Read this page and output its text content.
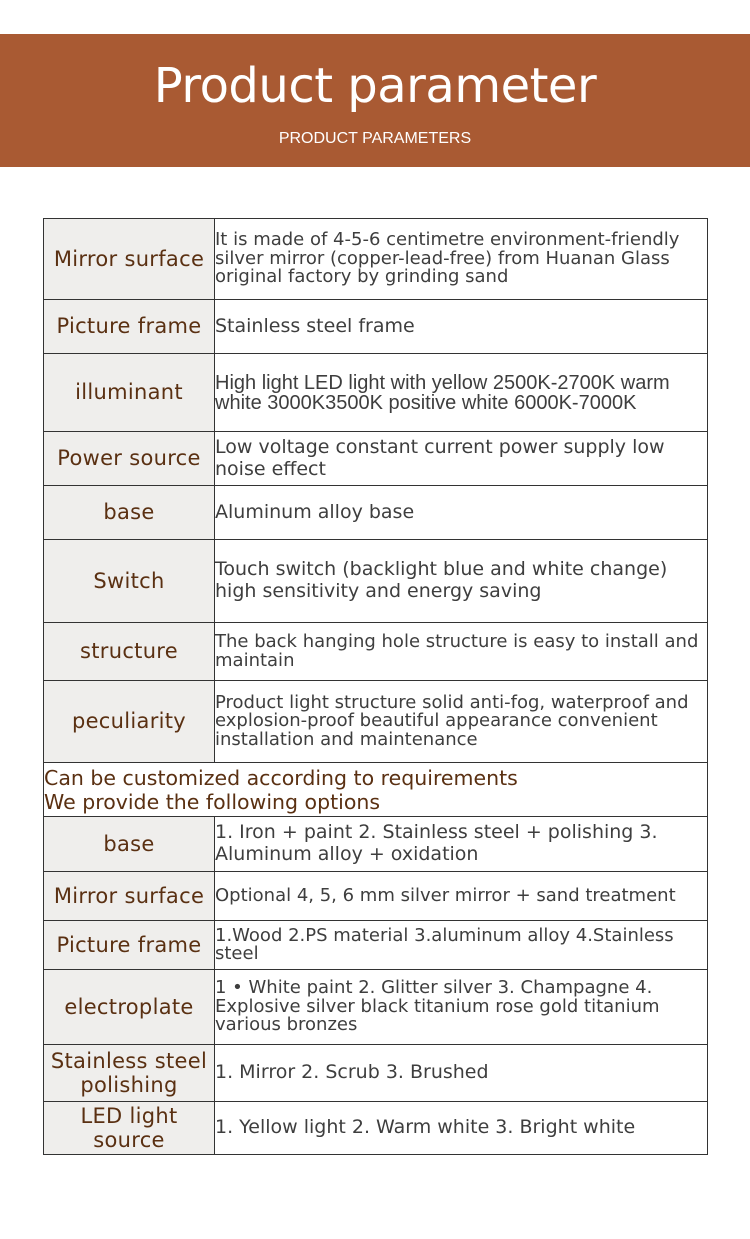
Product parameter
PRODUCT PARAMETERS
Mirror surface	It is made of 4-5-6 centimetre environment-friendly silver mirror (copper-lead-free) from Huanan Glass original factory by grinding sand
Picture frame	Stainless steel frame
illuminant	High light LED light with yellow 2500K-2700K warm white 3000K3500K positive white 6000K-7000K
Power source	Low voltage constant current power supply low noise effect
base	Aluminum alloy base
Switch	Touch switch (backlight blue and white change) high sensitivity and energy saving
structure	The back hanging hole structure is easy to install and maintain
peculiarity	Product light structure solid anti-fog, waterproof and explosion-proof beautiful appearance convenient installation and maintenance

Can be customized according to requirements
We provide the following options	

base	1. Iron + paint 2. Stainless steel + polishing 3. Aluminum alloy + oxidation
Mirror surface	Optional 4, 5, 6 mm silver mirror + sand treatment
Picture frame	1.Wood 2.PS material 3.aluminum alloy 4.Stainless steel
electroplate	1 • White paint 2. Glitter silver 3. Champagne 4. Explosive silver black titanium rose gold titanium various bronzes
Stainless steel polishing	1. Mirror 2. Scrub 3. Brushed
LED light source	1. Yellow light 2. Warm white 3. Bright white
